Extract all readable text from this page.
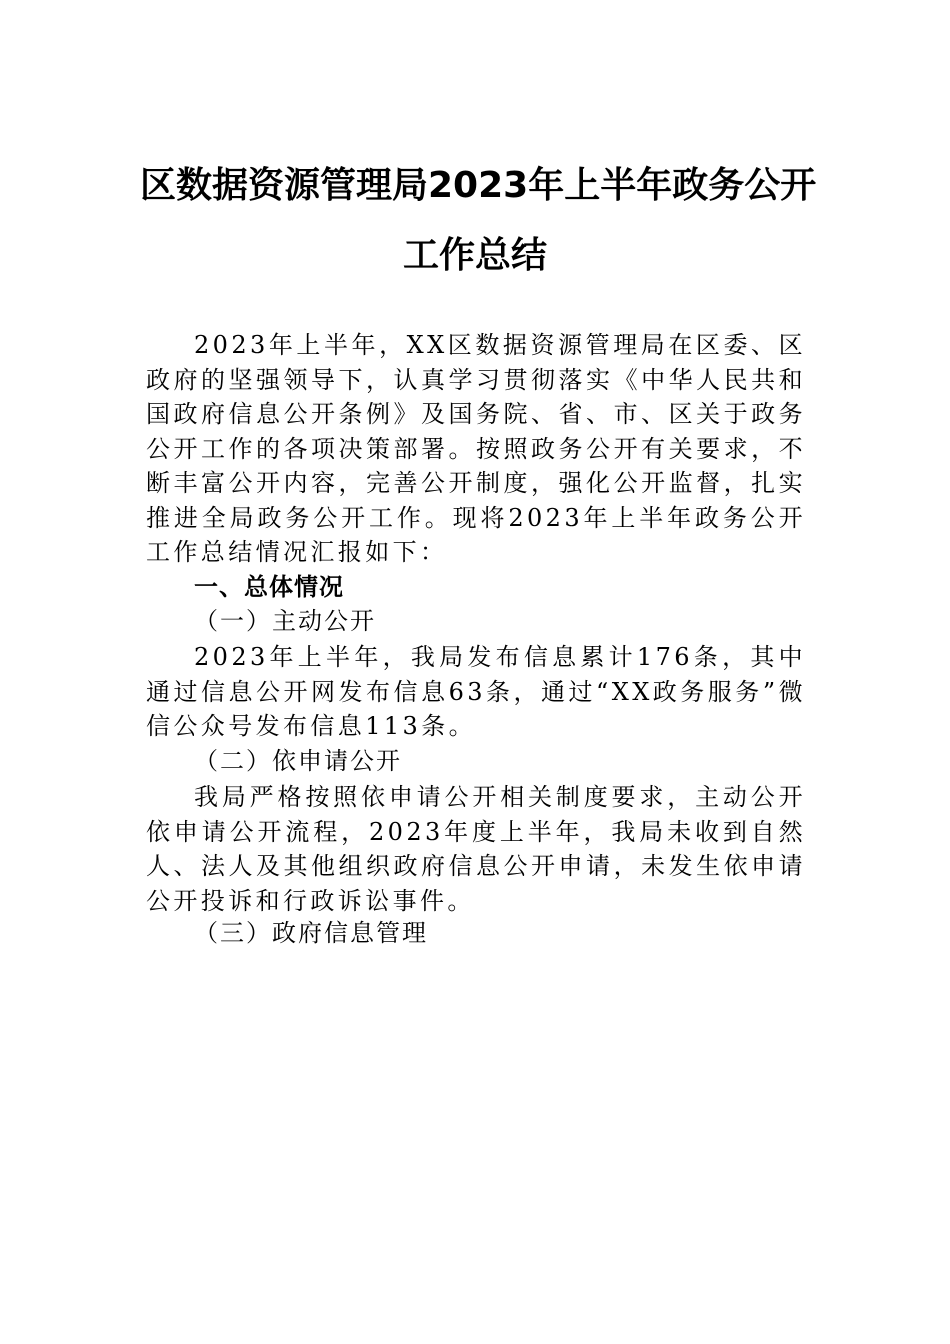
区数据资源管理局2023年上半年政务公开
工作总结

2023年上半年，XX区数据资源管理局在区委、区政府的坚强领导下，认真学习贯彻落实《中华人民共和国政府信息公开条例》及国务院、省、市、区关于政务公开工作的各项决策部署。按照政务公开有关要求，不断丰富公开内容，完善公开制度，强化公开监督，扎实推进全局政务公开工作。现将2023年上半年政务公开工作总结情况汇报如下：

一、总体情况
（一）主动公开

2023年上半年，我局发布信息累计176条，其中通过信息公开网发布信息63条，通过“XX政务服务”微信公众号发布信息113条。

（二）依申请公开

我局严格按照依申请公开相关制度要求，主动公开依申请公开流程，2023年度上半年，我局未收到自然人、法人及其他组织政府信息公开申请，未发生依申请公开投诉和行政诉讼事件。

（三）政府信息管理
